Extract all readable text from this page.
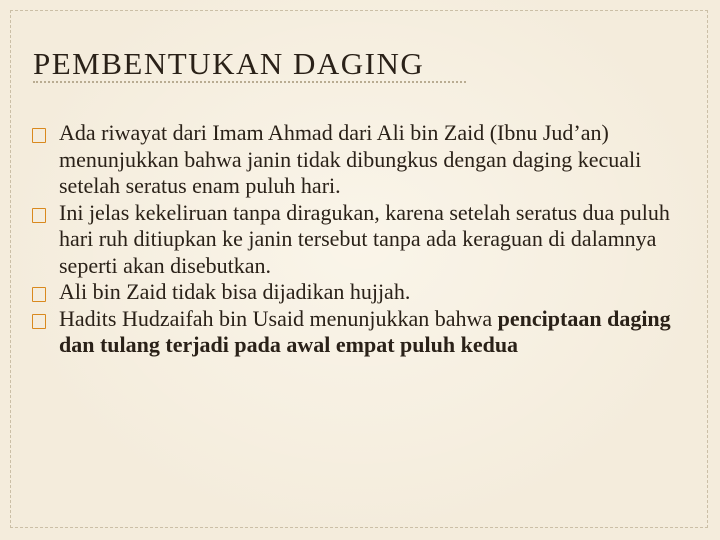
PEMBENTUKAN DAGING

Ada riwayat dari Imam Ahmad dari Ali bin Zaid (Ibnu Jud’an) menunjukkan bahwa janin tidak dibungkus dengan daging kecuali setelah seratus enam puluh hari.

Ini jelas kekeliruan tanpa diragukan, karena setelah seratus dua puluh hari ruh ditiupkan ke janin tersebut tanpa ada keraguan di dalamnya seperti akan disebutkan.

Ali bin Zaid tidak bisa dijadikan hujjah.

Hadits Hudzaifah bin Usaid menunjukkan bahwa penciptaan daging dan tulang terjadi pada awal empat puluh kedua
